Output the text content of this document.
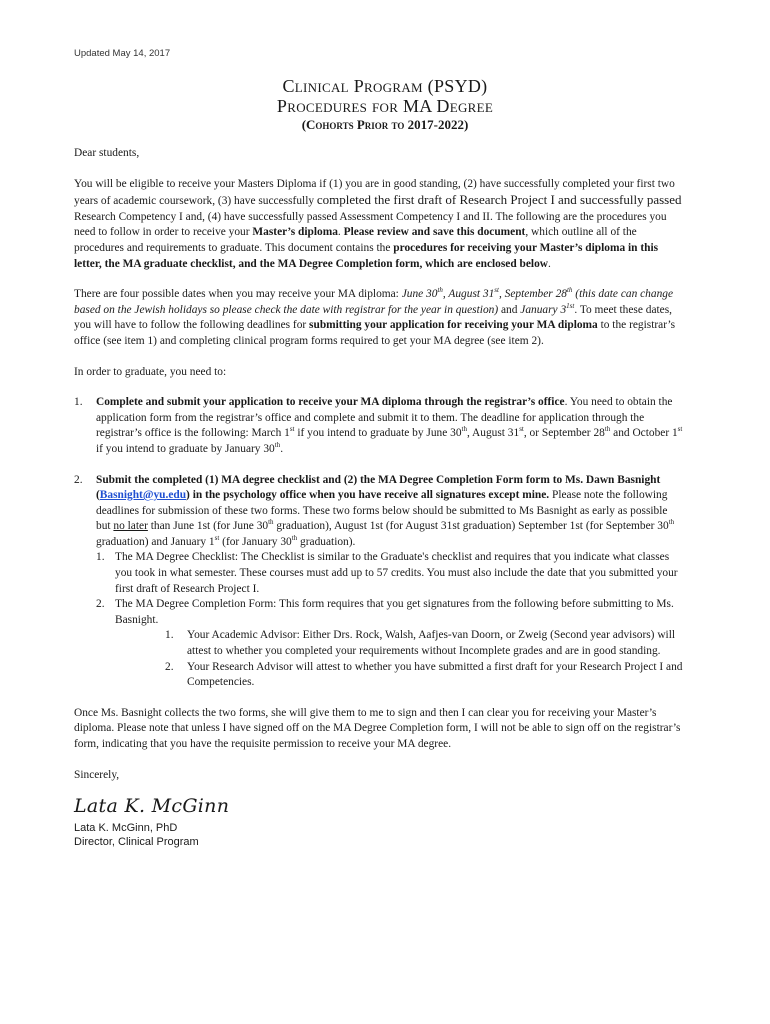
Updated May 14, 2017
Clinical Program (PSYD)
Procedures for MA Degree
(Cohorts Prior to 2017-2022)

Dear students,

You will be eligible to receive your Masters Diploma if (1) you are in good standing, (2) have successfully completed your first two years of academic coursework, (3) have successfully completed the first draft of Research Project I and successfully passed Research Competency I and, (4) have successfully passed Assessment Competency I and II. The following are the procedures you need to follow in order to receive your Master’s diploma. Please review and save this document, which outline all of the procedures and requirements to graduate. This document contains the procedures for receiving your Master’s diploma in this letter, the MA graduate checklist, and the MA Degree Completion form, which are enclosed below.

There are four possible dates when you may receive your MA diploma: June 30th, August 31st, September 28th (this date can change based on the Jewish holidays so please check the date with registrar for the year in question) and January $3^{1st}$. To meet these dates, you will have to follow the following deadlines for submitting your application for receiving your MA diploma to the registrar’s office (see item 1) and completing clinical program forms required to get your MA degree (see item 2).

In order to graduate, you need to:

1. Complete and submit your application to receive your MA diploma through the registrar’s office. You need to obtain the application form from the registrar’s office and complete and submit it to them. The deadline for application through the registrar’s office is the following: March 1st if you intend to graduate by June 30th, August 31st, or September 28th and October 1st if you intend to graduate by January 30th.
2. Submit the completed (1) MA degree checklist and (2) the MA Degree Completion Form form to Ms. Dawn Basnight (Basnight@yu.edu) in the psychology office when you have receive all signatures except mine. Please note the following deadlines for submission of these two forms. These two forms below should be submitted to Ms Basnight as early as possible but no later than June 1st (for June 30th graduation), August 1st (for August 31st graduation) September 1st (for September 30th graduation) and January 1st (for January 30th graduation).
1. The MA Degree Checklist: The Checklist is similar to the Graduate's checklist and requires that you indicate what classes you took in what semester. These courses must add up to 57 credits. You must also include the date that you submitted your first draft of Research Project I.
2. The MA Degree Completion Form: This form requires that you get signatures from the following before submitting to Ms. Basnight.
1. Your Academic Advisor: Either Drs. Rock, Walsh, Aafjes-van Doorn, or Zweig (Second year advisors) will attest to whether you completed your requirements without Incomplete grades and are in good standing.
2. Your Research Advisor will attest to whether you have submitted a first draft for your Research Project I and Competencies.

Once Ms. Basnight collects the two forms, she will give them to me to sign and then I can clear you for receiving your Master’s diploma. Please note that unless I have signed off on the MA Degree Completion form, I will not be able to sign off on the registrar’s form, indicating that you have the requisite permission to receive your MA degree.

Sincerely,

Lata K. McGinn
Lata K. McGinn, PhD
Director, Clinical Program
